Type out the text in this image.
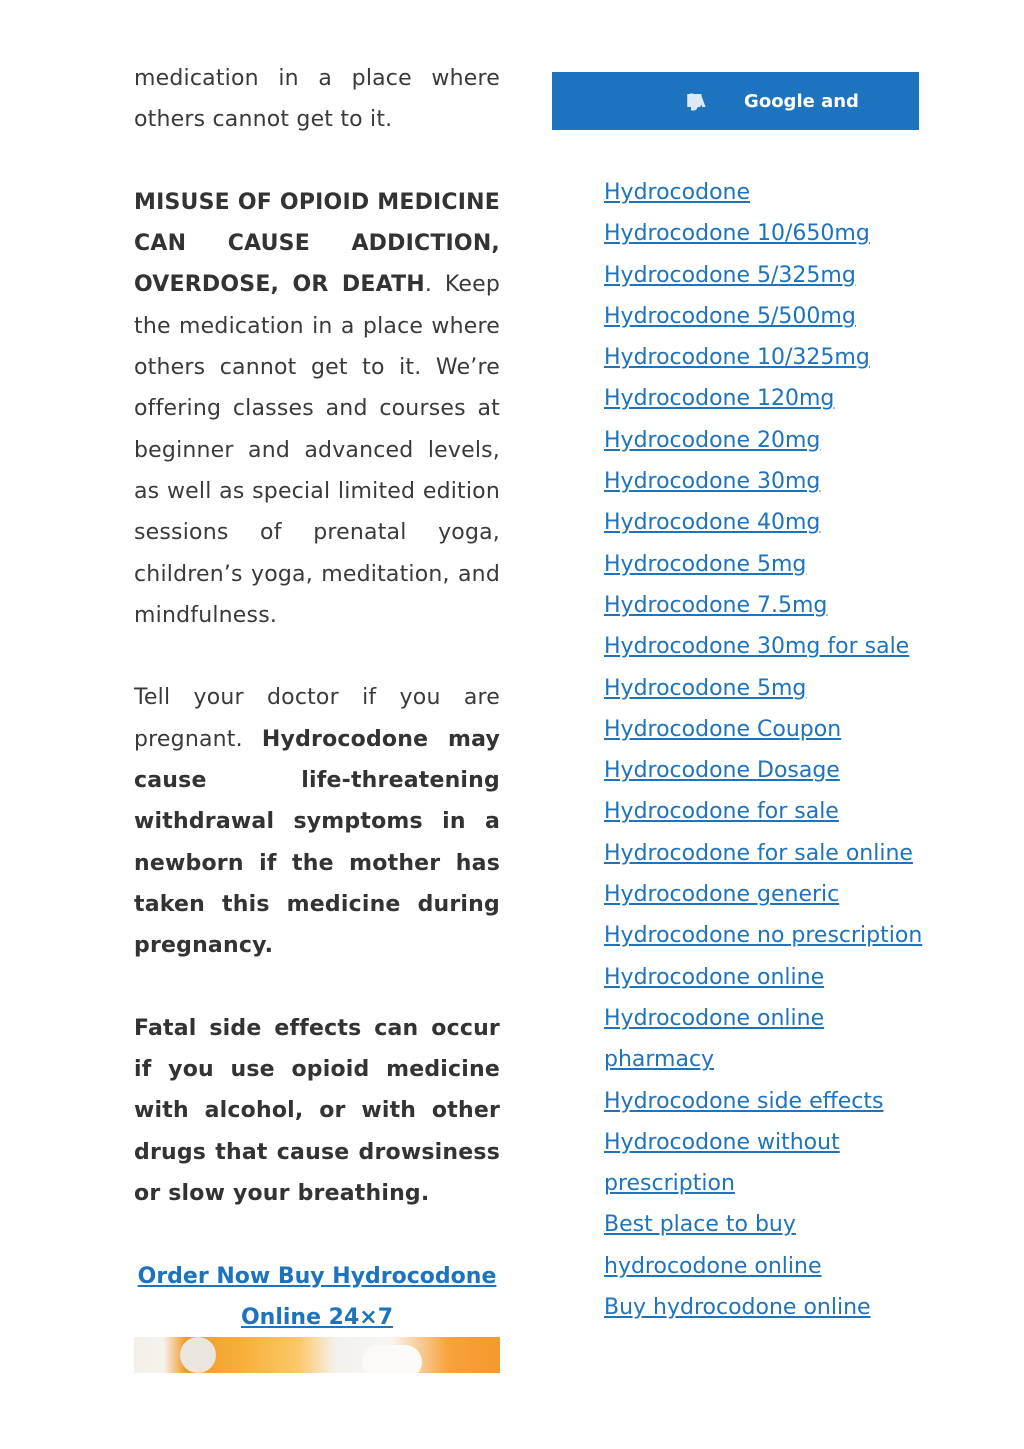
medication in a place where others cannot get to it.

MISUSE OF OPIOID MEDICINE CAN CAUSE ADDICTION, OVERDOSE, OR DEATH. Keep the medication in a place where others cannot get to it. We’re offering classes and courses at beginner and advanced levels, as well as special limited edition sessions of prenatal yoga, children’s yoga, meditation, and mindfulness.

Tell your doctor if you are pregnant. Hydrocodone may cause life-threatening withdrawal symptoms in a newborn if the mother has taken this medicine during pregnancy.

Fatal side effects can occur if you use opioid medicine with alcohol, or with other drugs that cause drowsiness or slow your breathing.

Order Now Buy Hydrocodone Online 24×7
Google and
Top Search Buy USA
Hydrocodone
Hydrocodone 10/650mg
Hydrocodone 5/325mg
Hydrocodone 5/500mg
Hydrocodone 10/325mg
Hydrocodone 120mg
Hydrocodone 20mg
Hydrocodone 30mg
Hydrocodone 40mg
Hydrocodone 5mg
Hydrocodone 7.5mg
Hydrocodone 30mg for sale
Hydrocodone 5mg
Hydrocodone Coupon
Hydrocodone Dosage
Hydrocodone for sale
Hydrocodone for sale online
Hydrocodone generic
Hydrocodone no prescription
Hydrocodone online
Hydrocodone online pharmacy
Hydrocodone side effects
Hydrocodone without prescription
Best place to buy hydrocodone online
Buy hydrocodone online
